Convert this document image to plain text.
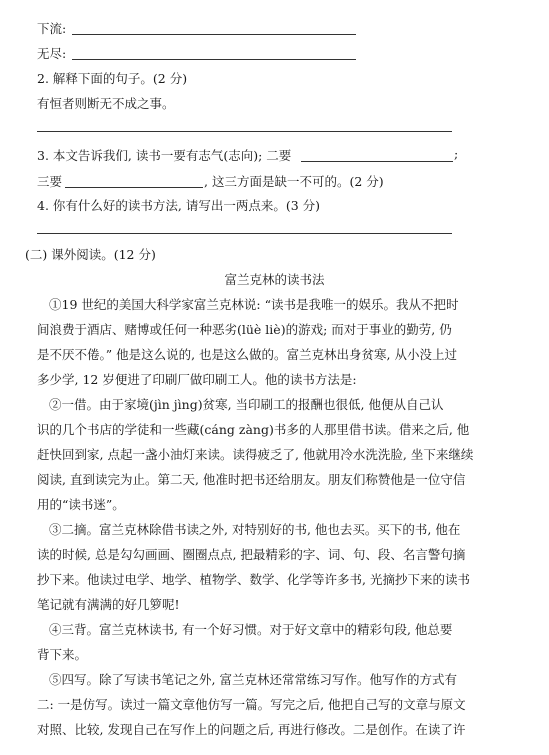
下流:
无尽:
2. 解释下面的句子。(2 分)
有恒者则断无不成之事。
3. 本文告诉我们, 读书一要有志气(志向); 二要	;
三要	, 这三方面是缺一不可的。(2 分)
4. 你有什么好的读书方法, 请写出一两点来。(3 分)
(二) 课外阅读。(12 分)
富兰克林的读书法
①19 世纪的美国大科学家富兰克林说: “读书是我唯一的娱乐。我从不把时
间浪费于酒店、赌博或任何一种恶劣(lüè liè)的游戏; 而对于事业的勤劳, 仍
是不厌不倦。” 他是这么说的, 也是这么做的。富兰克林出身贫寒, 从小没上过
多少学, 12 岁便进了印刷厂做印刷工人。他的读书方法是:
②一借。由于家境(jìn jìng)贫寒, 当印刷工的报酬也很低, 他便从自己认
识的几个书店的学徒和一些藏(cáng zàng)书多的人那里借书读。借来之后, 他
赶快回到家, 点起一盏小油灯来读。读得疲乏了, 他就用冷水洗洗脸, 坐下来继续
阅读, 直到读完为止。第二天, 他准时把书还给朋友。朋友们称赞他是一位守信
用的“读书迷”。
③二摘。富兰克林除借书读之外, 对特别好的书, 他也去买。买下的书, 他在
读的时候, 总是勾勾画画、圈圈点点, 把最精彩的字、词、句、段、名言警句摘
抄下来。他读过电学、地学、植物学、数学、化学等许多书, 光摘抄下来的读书
笔记就有满满的好几箩呢!
④三背。富兰克林读书, 有一个好习惯。对于好文章中的精彩句段, 他总要
背下来。
⑤四写。除了写读书笔记之外, 富兰克林还常常练习写作。他写作的方式有
二: 一是仿写。读过一篇文章他仿写一篇。写完之后, 他把自己写的文章与原文
对照、比较, 发现自己在写作上的问题之后, 再进行修改。二是创作。在读了许
